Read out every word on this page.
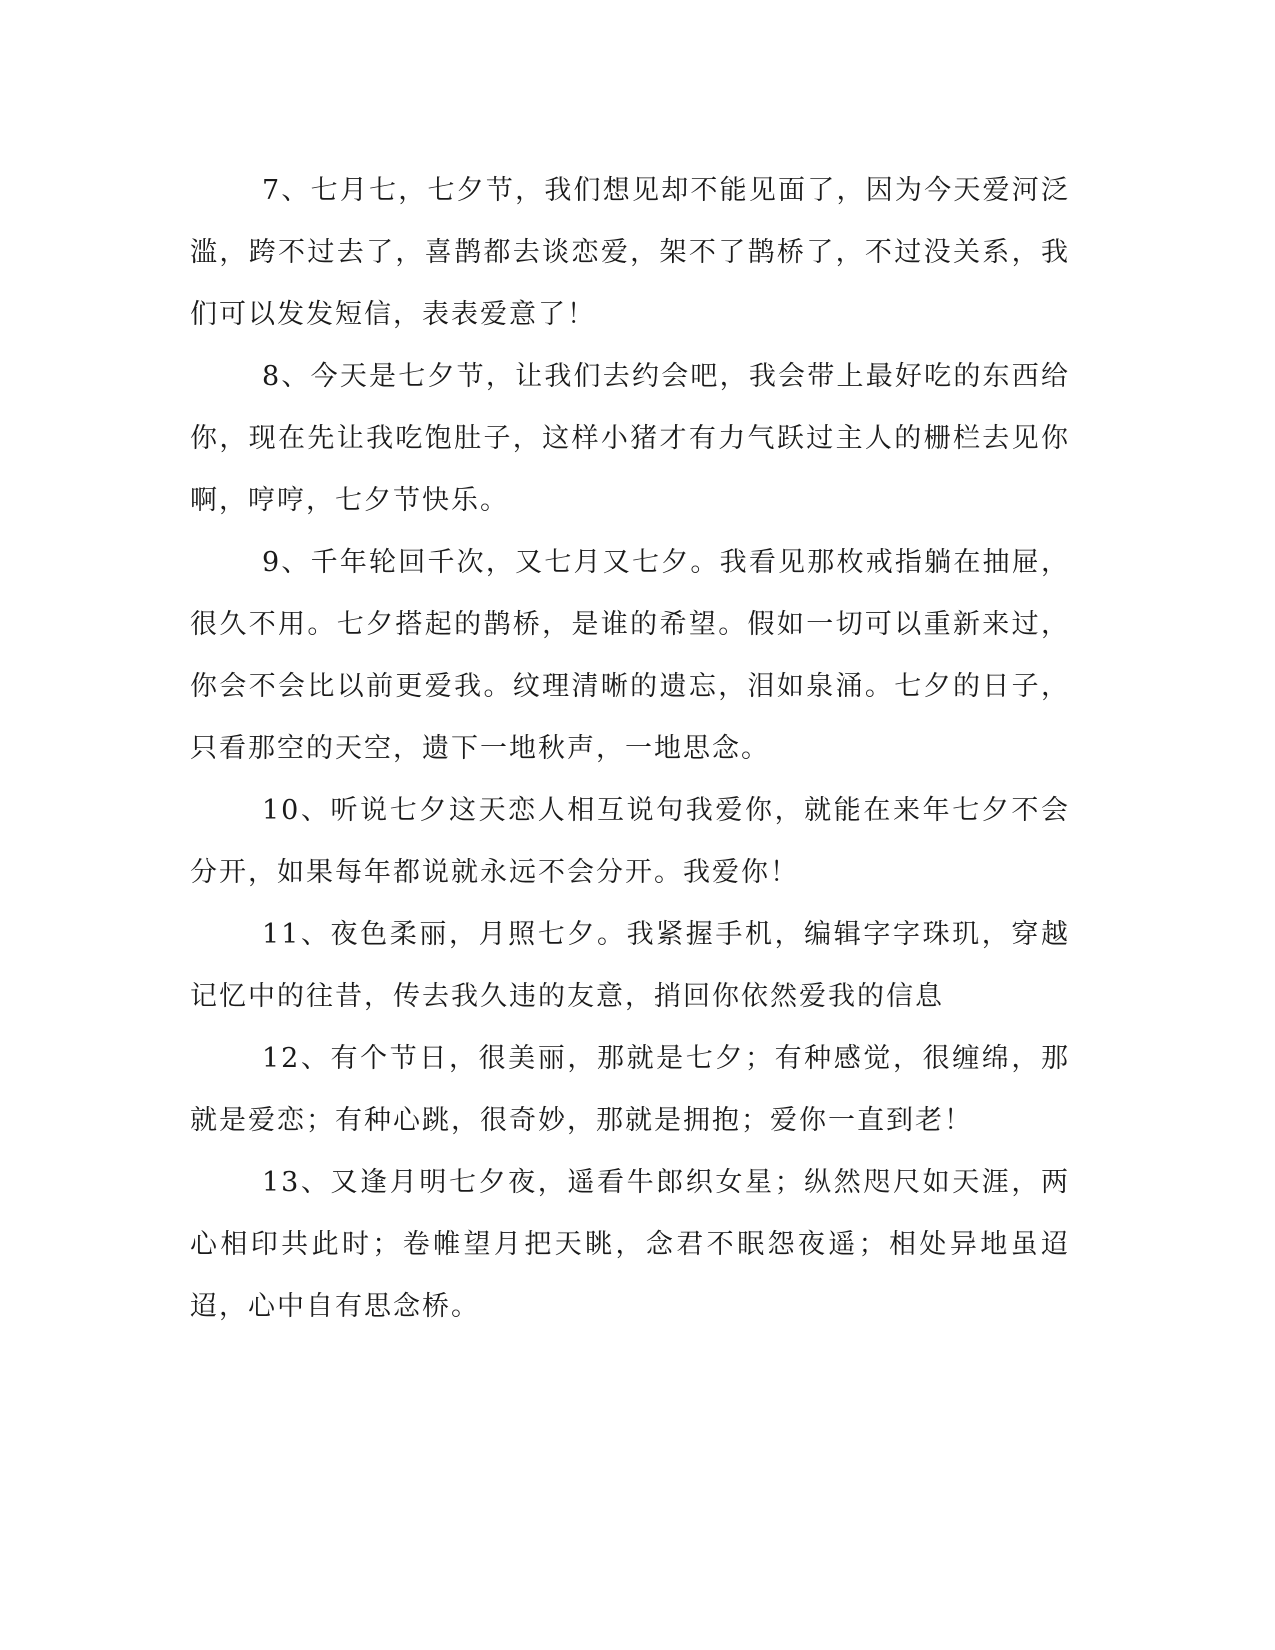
7、七月七，七夕节，我们想见却不能见面了，因为今天爱河泛滥，跨不过去了，喜鹊都去谈恋爱，架不了鹊桥了，不过没关系，我们可以发发短信，表表爱意了！

8、今天是七夕节，让我们去约会吧，我会带上最好吃的东西给你，现在先让我吃饱肚子，这样小猪才有力气跃过主人的栅栏去见你啊，哼哼，七夕节快乐。

9、千年轮回千次，又七月又七夕。我看见那枚戒指躺在抽屉，很久不用。七夕搭起的鹊桥，是谁的希望。假如一切可以重新来过，你会不会比以前更爱我。纹理清晰的遗忘，泪如泉涌。七夕的日子，只看那空的天空，遗下一地秋声，一地思念。

10、听说七夕这天恋人相互说句我爱你，就能在来年七夕不会分开，如果每年都说就永远不会分开。我爱你！

11、夜色柔丽，月照七夕。我紧握手机，编辑字字珠玑，穿越记忆中的往昔，传去我久违的友意，捎回你依然爱我的信息

12、有个节日，很美丽，那就是七夕；有种感觉，很缠绵，那就是爱恋；有种心跳，很奇妙，那就是拥抱；爱你一直到老！

13、又逢月明七夕夜，遥看牛郎织女星；纵然咫尺如天涯，两心相印共此时；卷帷望月把天眺，念君不眠怨夜遥；相处异地虽迢迢，心中自有思念桥。
